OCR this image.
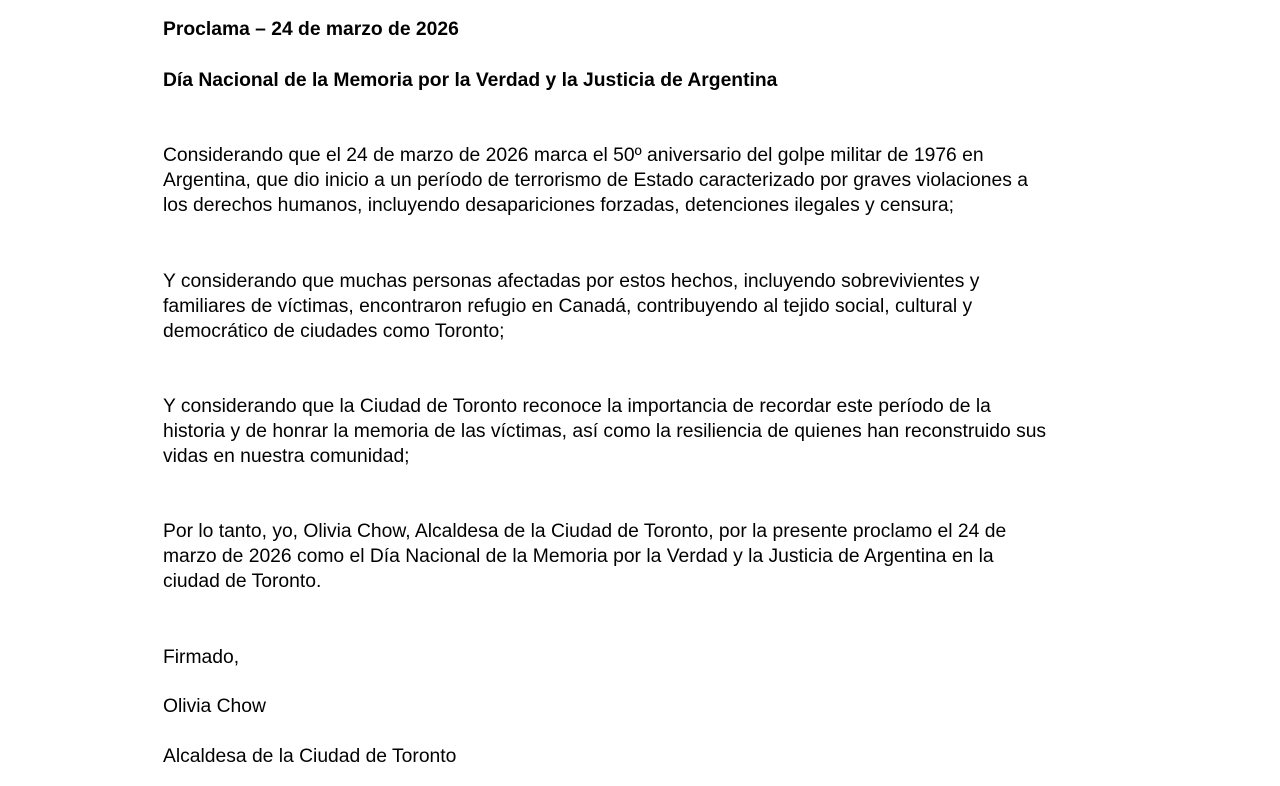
Proclama – 24 de marzo de 2026

Día Nacional de la Memoria por la Verdad y la Justicia de Argentina

Considerando que el 24 de marzo de 2026 marca el 50º aniversario del golpe militar de 1976 en
Argentina, que dio inicio a un período de terrorismo de Estado caracterizado por graves violaciones a
los derechos humanos, incluyendo desapariciones forzadas, detenciones ilegales y censura;

Y considerando que muchas personas afectadas por estos hechos, incluyendo sobrevivientes y
familiares de víctimas, encontraron refugio en Canadá, contribuyendo al tejido social, cultural y
democrático de ciudades como Toronto;

Y considerando que la Ciudad de Toronto reconoce la importancia de recordar este período de la
historia y de honrar la memoria de las víctimas, así como la resiliencia de quienes han reconstruido sus
vidas en nuestra comunidad;

Por lo tanto, yo, Olivia Chow, Alcaldesa de la Ciudad de Toronto, por la presente proclamo el 24 de
marzo de 2026 como el Día Nacional de la Memoria por la Verdad y la Justicia de Argentina en la
ciudad de Toronto.

Firmado,

Olivia Chow

Alcaldesa de la Ciudad de Toronto
